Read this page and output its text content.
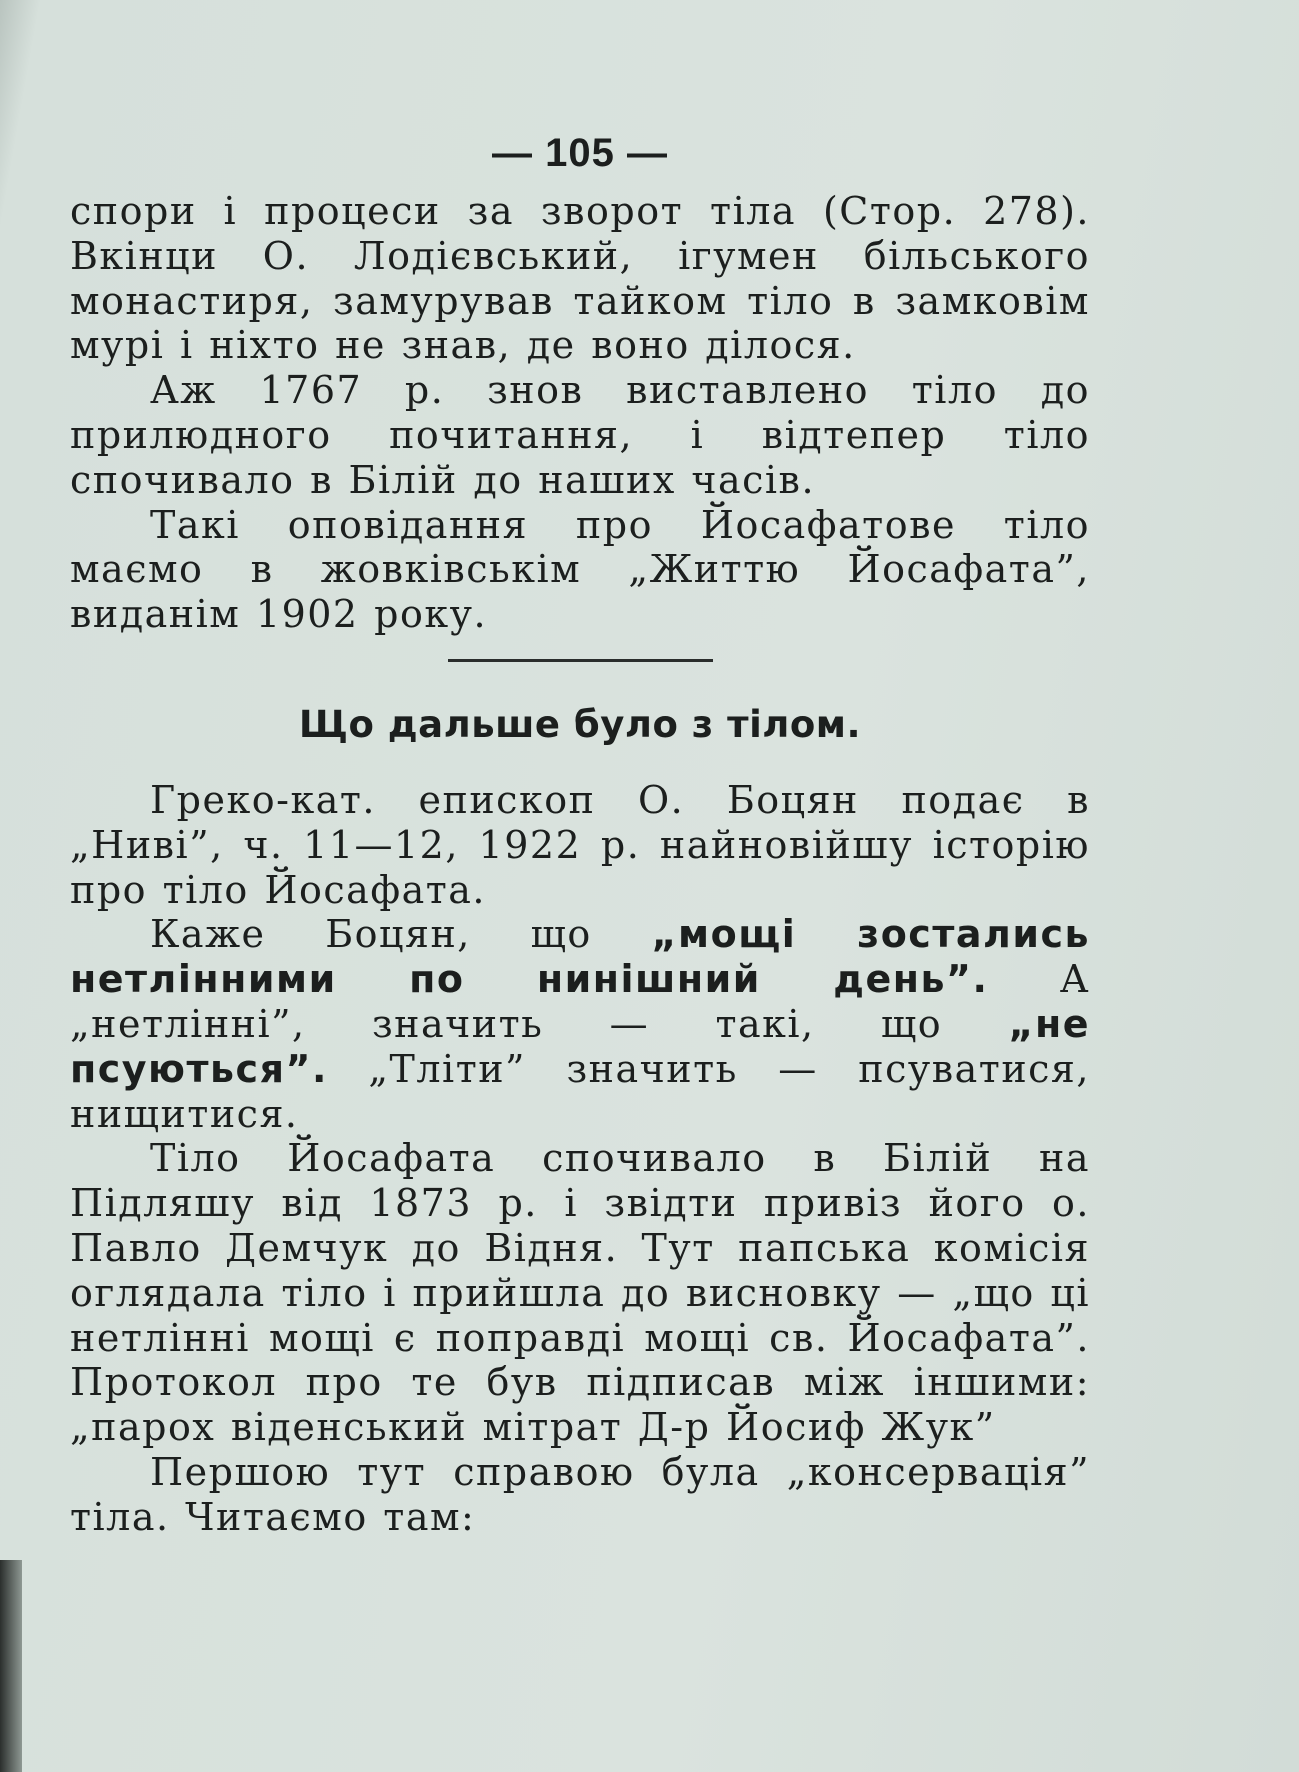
— 105 —

спори і процеси за зворот тіла (Стор. 278). Вкінци О. Лодієвський, ігумен більського монастиря, замурував тайком тіло в замковім мурі і ніхто не знав, де воно ділося.

Аж 1767 р. знов виставлено тіло до прилюдного почитання, і відтепер тіло спочивало в Білій до наших часів.

Такі оповідання про Йосафатове тіло маємо в жовківськім „Життю Йосафата”, виданім 1902 року.

Що дальше було з тілом.

Греко-кат. епископ О. Боцян подає в „Ниві”, ч. 11—12, 1922 р. найновійшу історію про тіло Йосафата.

Каже Боцян, що „мощі зостались нетлінними по нинішний день”. А „нетлінні”, значить — такі, що „не псуються”. „Тліти” значить — псуватися, нищитися.

Тіло Йосафата спочивало в Білій на Підляшу від 1873 р. і звідти привіз його о. Павло Демчук до Відня. Тут папська комісія оглядала тіло і прийшла до висновку — „що ці нетлінні мощі є поправді мощі св. Йосафата”. Протокол про те був підписав між іншими: „парох віденський мітрат Д-р Йосиф Жук”

Першою тут справою була „консервація” тіла. Читаємо там:
